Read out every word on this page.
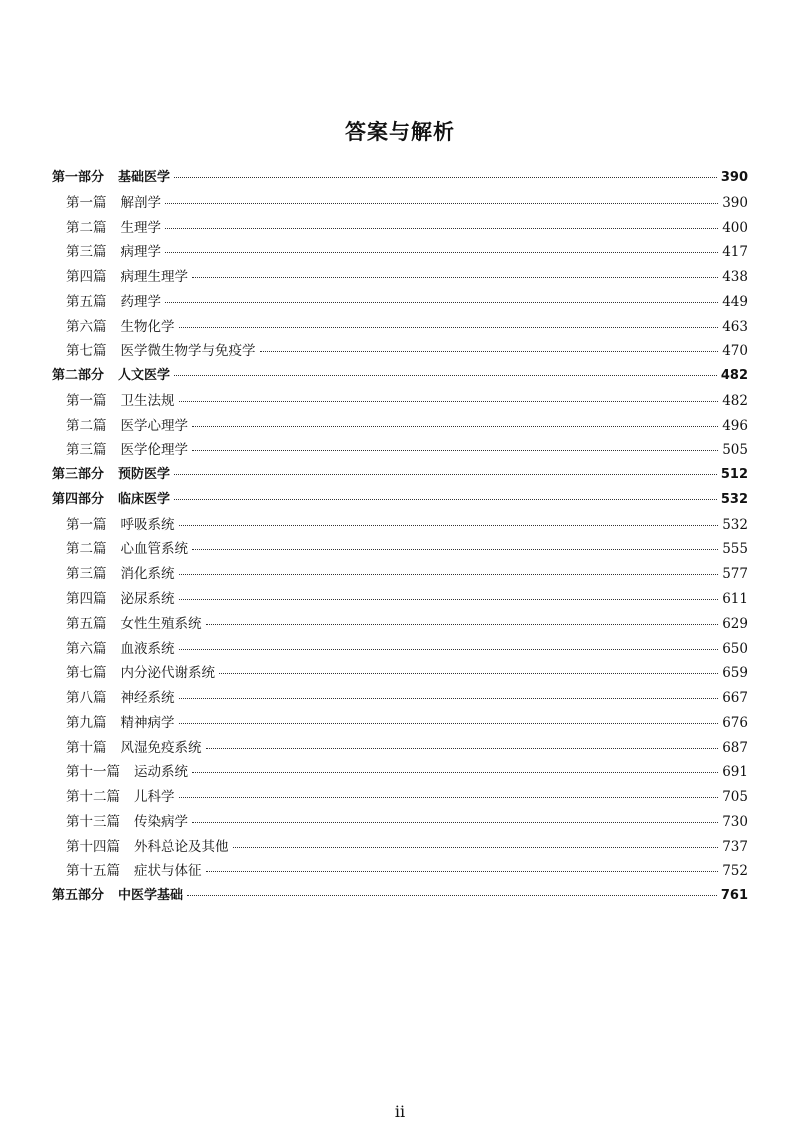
答案与解析
第一部分 基础医学	390
第一篇 解剖学	390
第二篇 生理学	400
第三篇 病理学	417
第四篇 病理生理学	438
第五篇 药理学	449
第六篇 生物化学	463
第七篇 医学微生物学与免疫学	470
第二部分 人文医学	482
第一篇 卫生法规	482
第二篇 医学心理学	496
第三篇 医学伦理学	505
第三部分 预防医学	512
第四部分 临床医学	532
第一篇 呼吸系统	532
第二篇 心血管系统	555
第三篇 消化系统	577
第四篇 泌尿系统	611
第五篇 女性生殖系统	629
第六篇 血液系统	650
第七篇 内分泌代谢系统	659
第八篇 神经系统	667
第九篇 精神病学	676
第十篇 风湿免疫系统	687
第十一篇 运动系统	691
第十二篇 儿科学	705
第十三篇 传染病学	730
第十四篇 外科总论及其他	737
第十五篇 症状与体征	752
第五部分 中医学基础	761
ii
